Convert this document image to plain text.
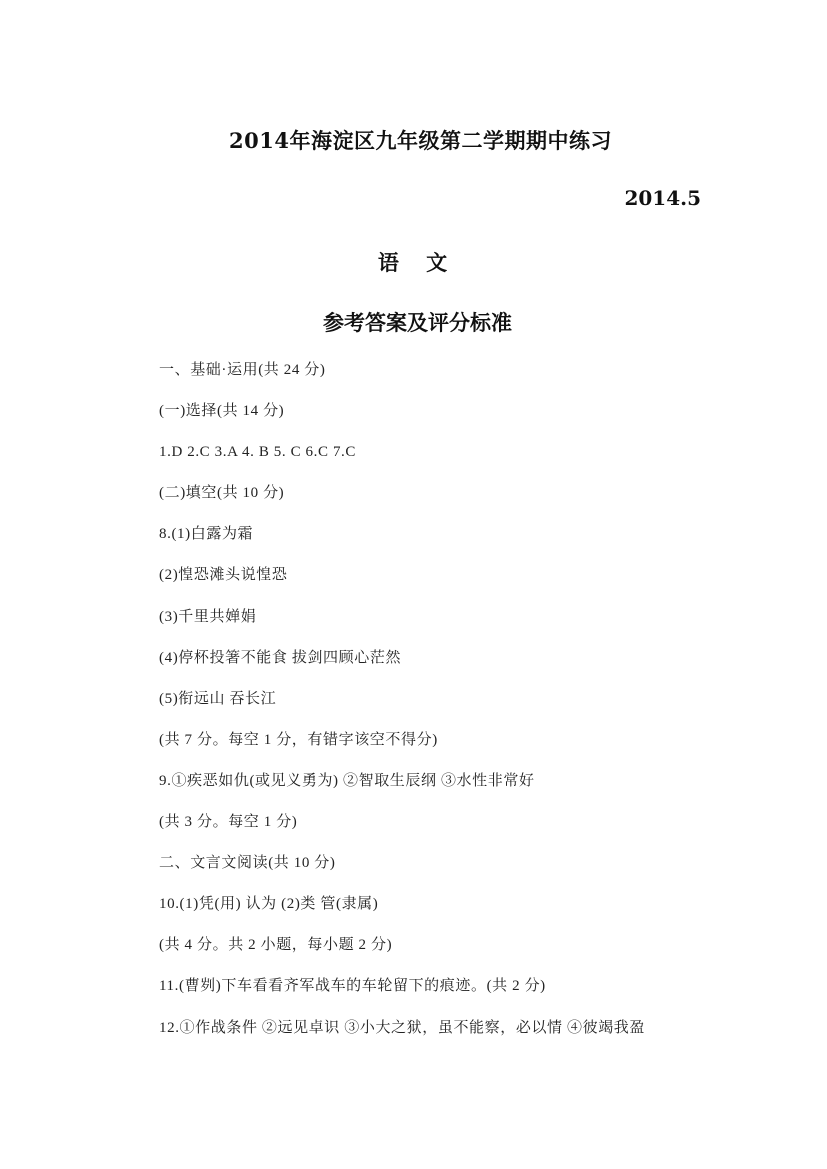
2014年海淀区九年级第二学期期中练习
2014.5
语 文
参考答案及评分标准
一、基础·运用(共 24 分)
(一)选择(共 14 分)
1.D 2.C 3.A 4. B 5. C 6.C 7.C
(二)填空(共 10 分)
8.(1)白露为霜
(2)惶恐滩头说惶恐
(3)千里共婵娟
(4)停杯投箸不能食 拔剑四顾心茫然
(5)衔远山 吞长江
(共 7 分。每空 1 分，有错字该空不得分)
9.①疾恶如仇(或见义勇为) ②智取生辰纲 ③水性非常好
(共 3 分。每空 1 分)
二、文言文阅读(共 10 分)
10.(1)凭(用) 认为 (2)类 管(隶属)
(共 4 分。共 2 小题，每小题 2 分)
11.(曹刿)下车看看齐军战车的车轮留下的痕迹。(共 2 分)
12.①作战条件 ②远见卓识 ③小大之狱，虽不能察，必以情 ④彼竭我盈
